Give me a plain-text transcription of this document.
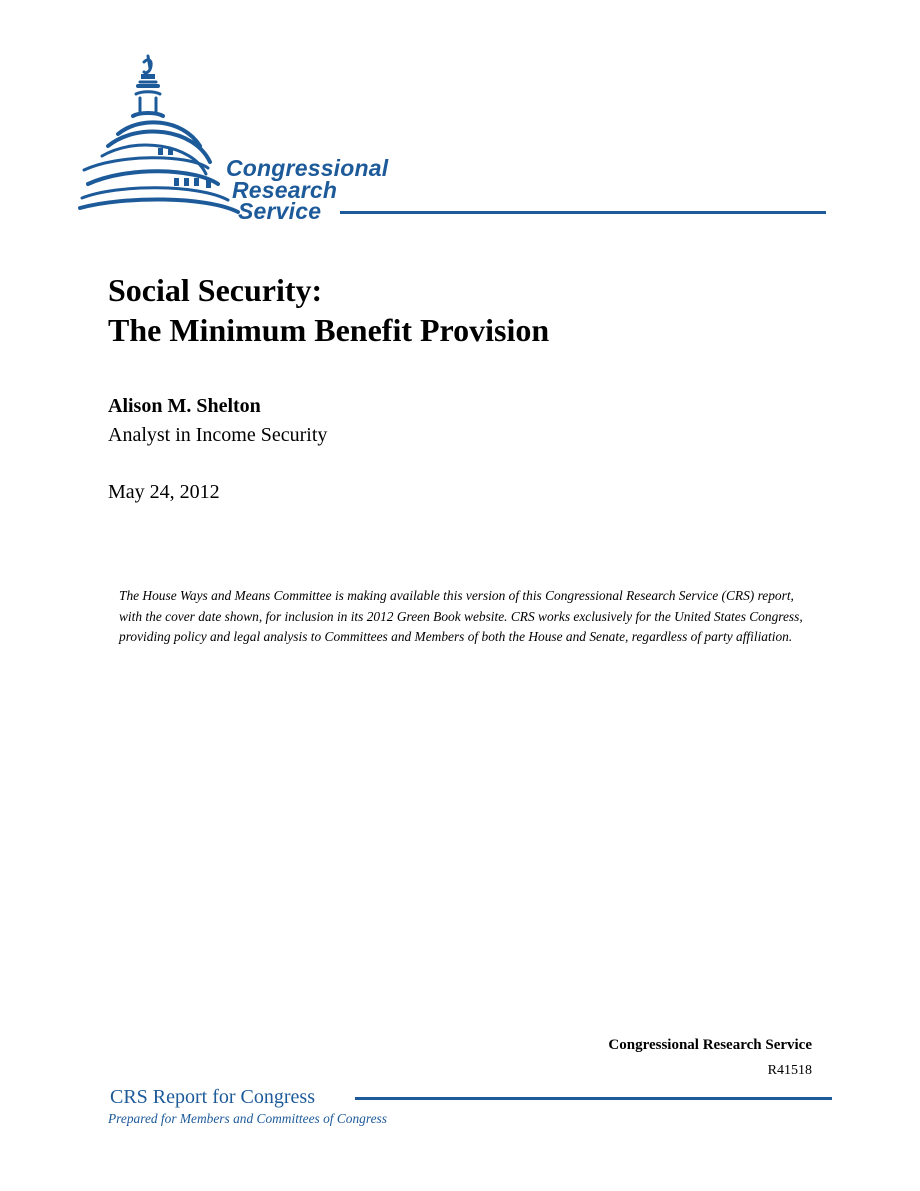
Congressional
Research
Service
Social Security:
The Minimum Benefit Provision
Alison M. Shelton
Analyst in Income Security
May 24, 2012

The House Ways and Means Committee is making available this version of this Congressional Research Service (CRS) report, with the cover date shown, for inclusion in its 2012 Green Book website. CRS works exclusively for the United States Congress, providing policy and legal analysis to Committees and Members of both the House and Senate, regardless of party affiliation.

Congressional Research Service
R41518
CRS Report for Congress
Prepared for Members and Committees of Congress
